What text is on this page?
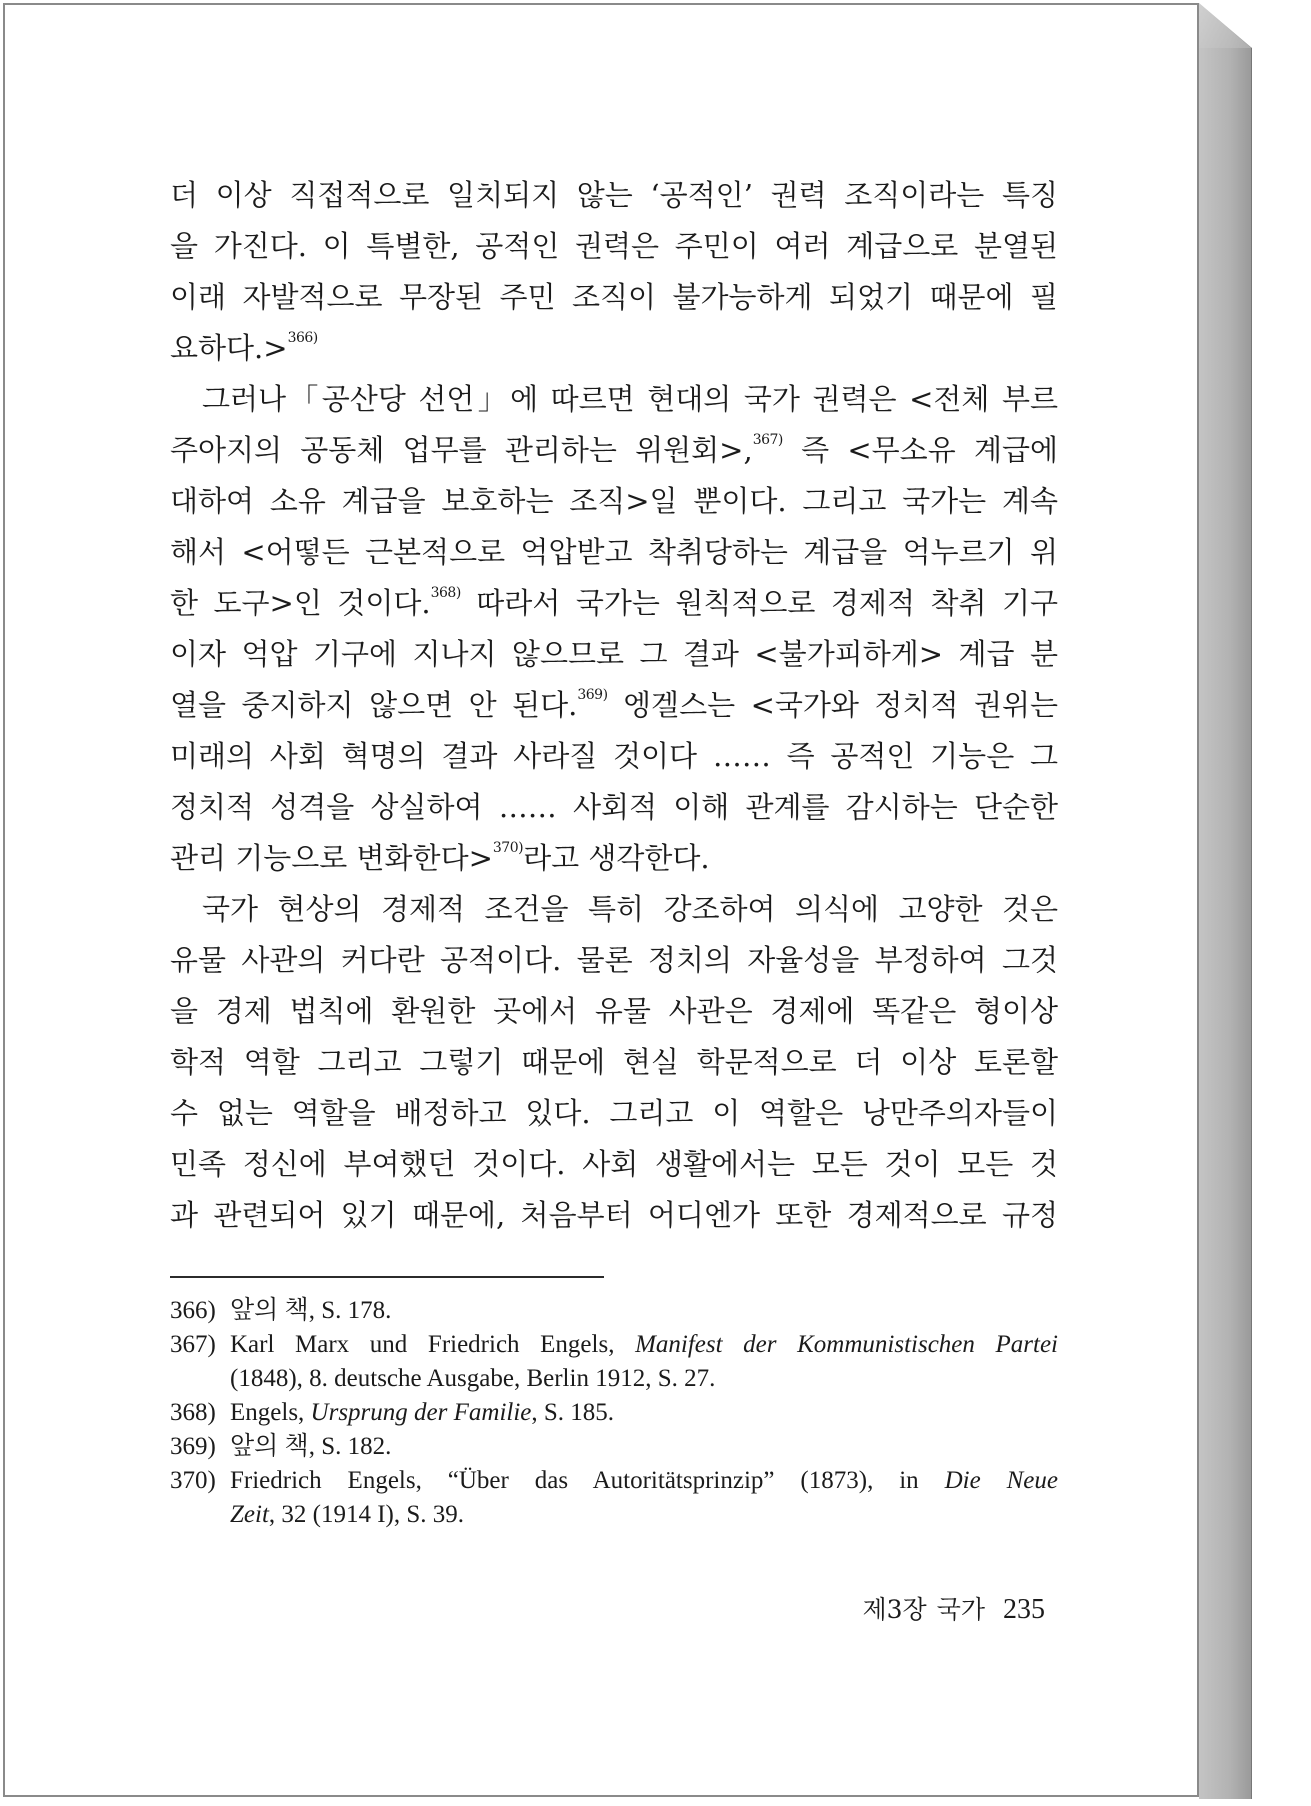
더 이상 직접적으로 일치되지 않는 ‘공적인’ 권력 조직이라는 특징
을 가진다. 이 특별한, 공적인 권력은 주민이 여러 계급으로 분열된
이래 자발적으로 무장된 주민 조직이 불가능하게 되었기 때문에 필
요하다.>$^{366)}$

그러나「공산당 선언」에 따르면 현대의 국가 권력은 <전체 부르
주아지의 공동체 업무를 관리하는 위원회>,$^{367)}$ 즉 <무소유 계급에
대하여 소유 계급을 보호하는 조직>일 뿐이다. 그리고 국가는 계속
해서 <어떻든 근본적으로 억압받고 착취당하는 계급을 억누르기 위
한 도구>인 것이다.$^{368)}$ 따라서 국가는 원칙적으로 경제적 착취 기구
이자 억압 기구에 지나지 않으므로 그 결과 <불가피하게> 계급 분
열을 중지하지 않으면 안 된다.$^{369)}$ 엥겔스는 <국가와 정치적 권위는
미래의 사회 혁명의 결과 사라질 것이다 …… 즉 공적인 기능은 그
정치적 성격을 상실하여 …… 사회적 이해 관계를 감시하는 단순한
관리 기능으로 변화한다>$^{370)}$라고 생각한다.

국가 현상의 경제적 조건을 특히 강조하여 의식에 고양한 것은
유물 사관의 커다란 공적이다. 물론 정치의 자율성을 부정하여 그것
을 경제 법칙에 환원한 곳에서 유물 사관은 경제에 똑같은 형이상
학적 역할 그리고 그렇기 때문에 현실 학문적으로 더 이상 토론할
수 없는 역할을 배정하고 있다. 그리고 이 역할은 낭만주의자들이
민족 정신에 부여했던 것이다. 사회 생활에서는 모든 것이 모든 것
과 관련되어 있기 때문에, 처음부터 어디엔가 또한 경제적으로 규정

366) 앞의 책, S. 178.
367) Karl Marx und Friedrich Engels, Manifest der Kommunistischen Partei
(1848), 8. deutsche Ausgabe, Berlin 1912, S. 27.
368) Engels, Ursprung der Familie, S. 185.
369) 앞의 책, S. 182.
370) Friedrich Engels, “Über das Autoritätsprinzip” (1873), in Die Neue
Zeit, 32 (1914 I), S. 39.
제3장 국가 235
